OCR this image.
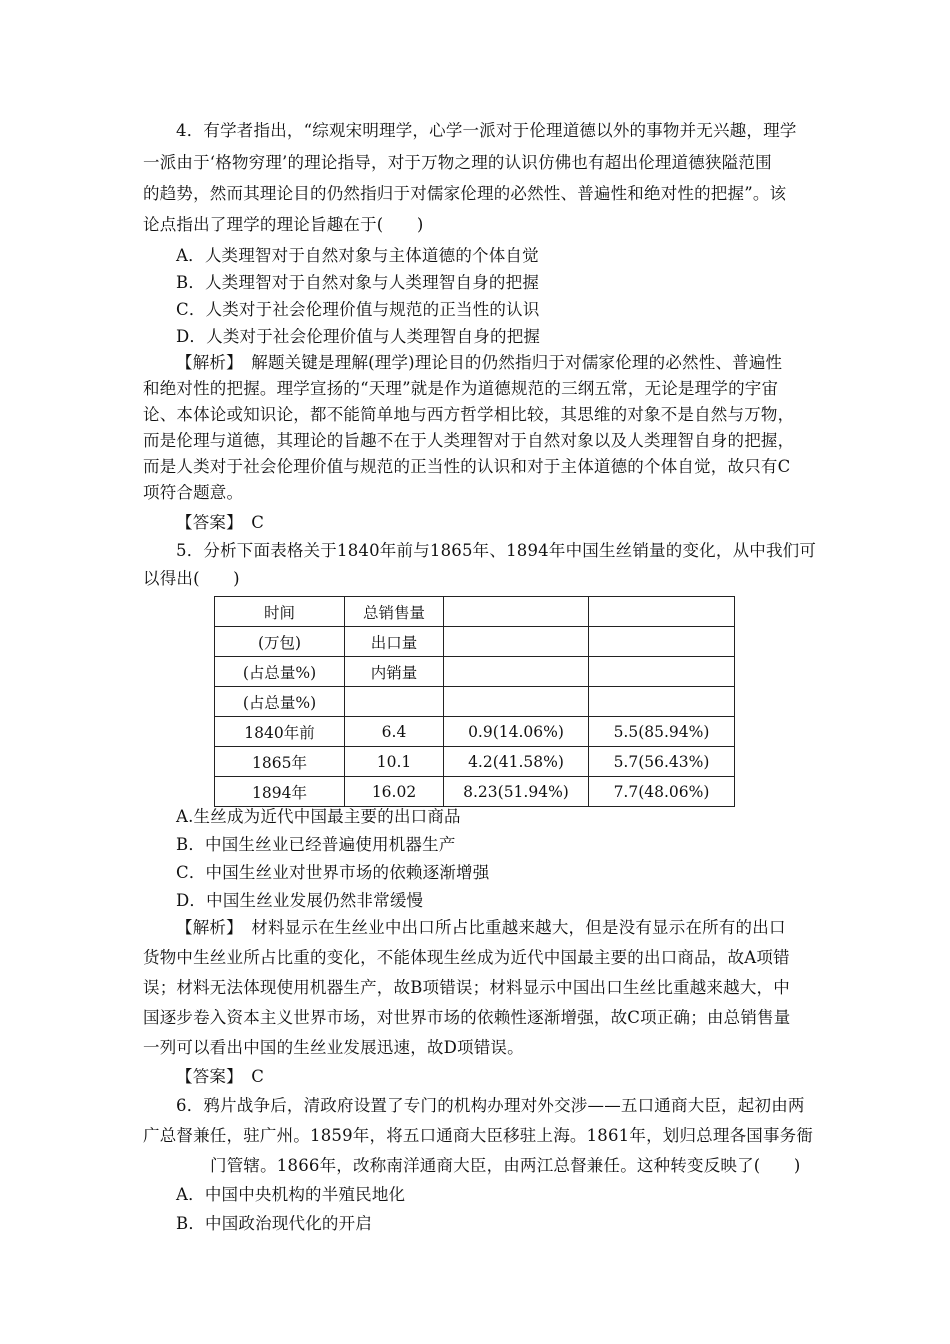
4．有学者指出，“综观宋明理学，心学一派对于伦理道德以外的事物并无兴趣，理学
一派由于‘格物穷理’的理论指导，对于万物之理的认识仿佛也有超出伦理道德狭隘范围
的趋势，然而其理论目的仍然指归于对儒家伦理的必然性、普遍性和绝对性的把握”。该
论点指出了理学的理论旨趣在于(　　)
A．人类理智对于自然对象与主体道德的个体自觉
B．人类理智对于自然对象与人类理智自身的把握
C．人类对于社会伦理价值与规范的正当性的认识
D．人类对于社会伦理价值与人类理智自身的把握
【解析】　解题关键是理解(理学)理论目的仍然指归于对儒家伦理的必然性、普遍性
和绝对性的把握。理学宣扬的“天理”就是作为道德规范的三纲五常，无论是理学的宇宙
论、本体论或知识论，都不能简单地与西方哲学相比较，其思维的对象不是自然与万物，
而是伦理与道德，其理论的旨趣不在于人类理智对于自然对象以及人类理智自身的把握，
而是人类对于社会伦理价值与规范的正当性的认识和对于主体道德的个体自觉，故只有C
项符合题意。
【答案】　C
5．分析下面表格关于1840年前与1865年、1894年中国生丝销量的变化，从中我们可
时间	总销售量		
(万包)	出口量		
(占总量%)	内销量		
(占总量%)			
1840年前	6.4	0.9(14.06%)	5.5(85.94%)
1865年	10.1	4.2(41.58%)	5.7(56.43%)
1894年	16.02	8.23(51.94%)	7.7(48.06%)
A.生丝成为近代中国最主要的出口商品
B．中国生丝业已经普遍使用机器生产
C．中国生丝业对世界市场的依赖逐渐增强
D．中国生丝业发展仍然非常缓慢
【解析】　材料显示在生丝业中出口所占比重越来越大，但是没有显示在所有的出口
货物中生丝业所占比重的变化，不能体现生丝成为近代中国最主要的出口商品，故A项错
误；材料无法体现使用机器生产，故B项错误；材料显示中国出口生丝比重越来越大，中
国逐步卷入资本主义世界市场，对世界市场的依赖性逐渐增强，故C项正确；由总销售量
一列可以看出中国的生丝业发展迅速，故D项错误。
【答案】　C
6．鸦片战争后，清政府设置了专门的机构办理对外交涉——五口通商大臣，起初由两
广总督兼任，驻广州。1859年，将五口通商大臣移驻上海。1861年，划归总理各国事务衙
门管辖。1866年，改称南洋通商大臣，由两江总督兼任。这种转变反映了(　　)
A．中国中央机构的半殖民地化
B．中国政治现代化的开启
以得出(　　)
